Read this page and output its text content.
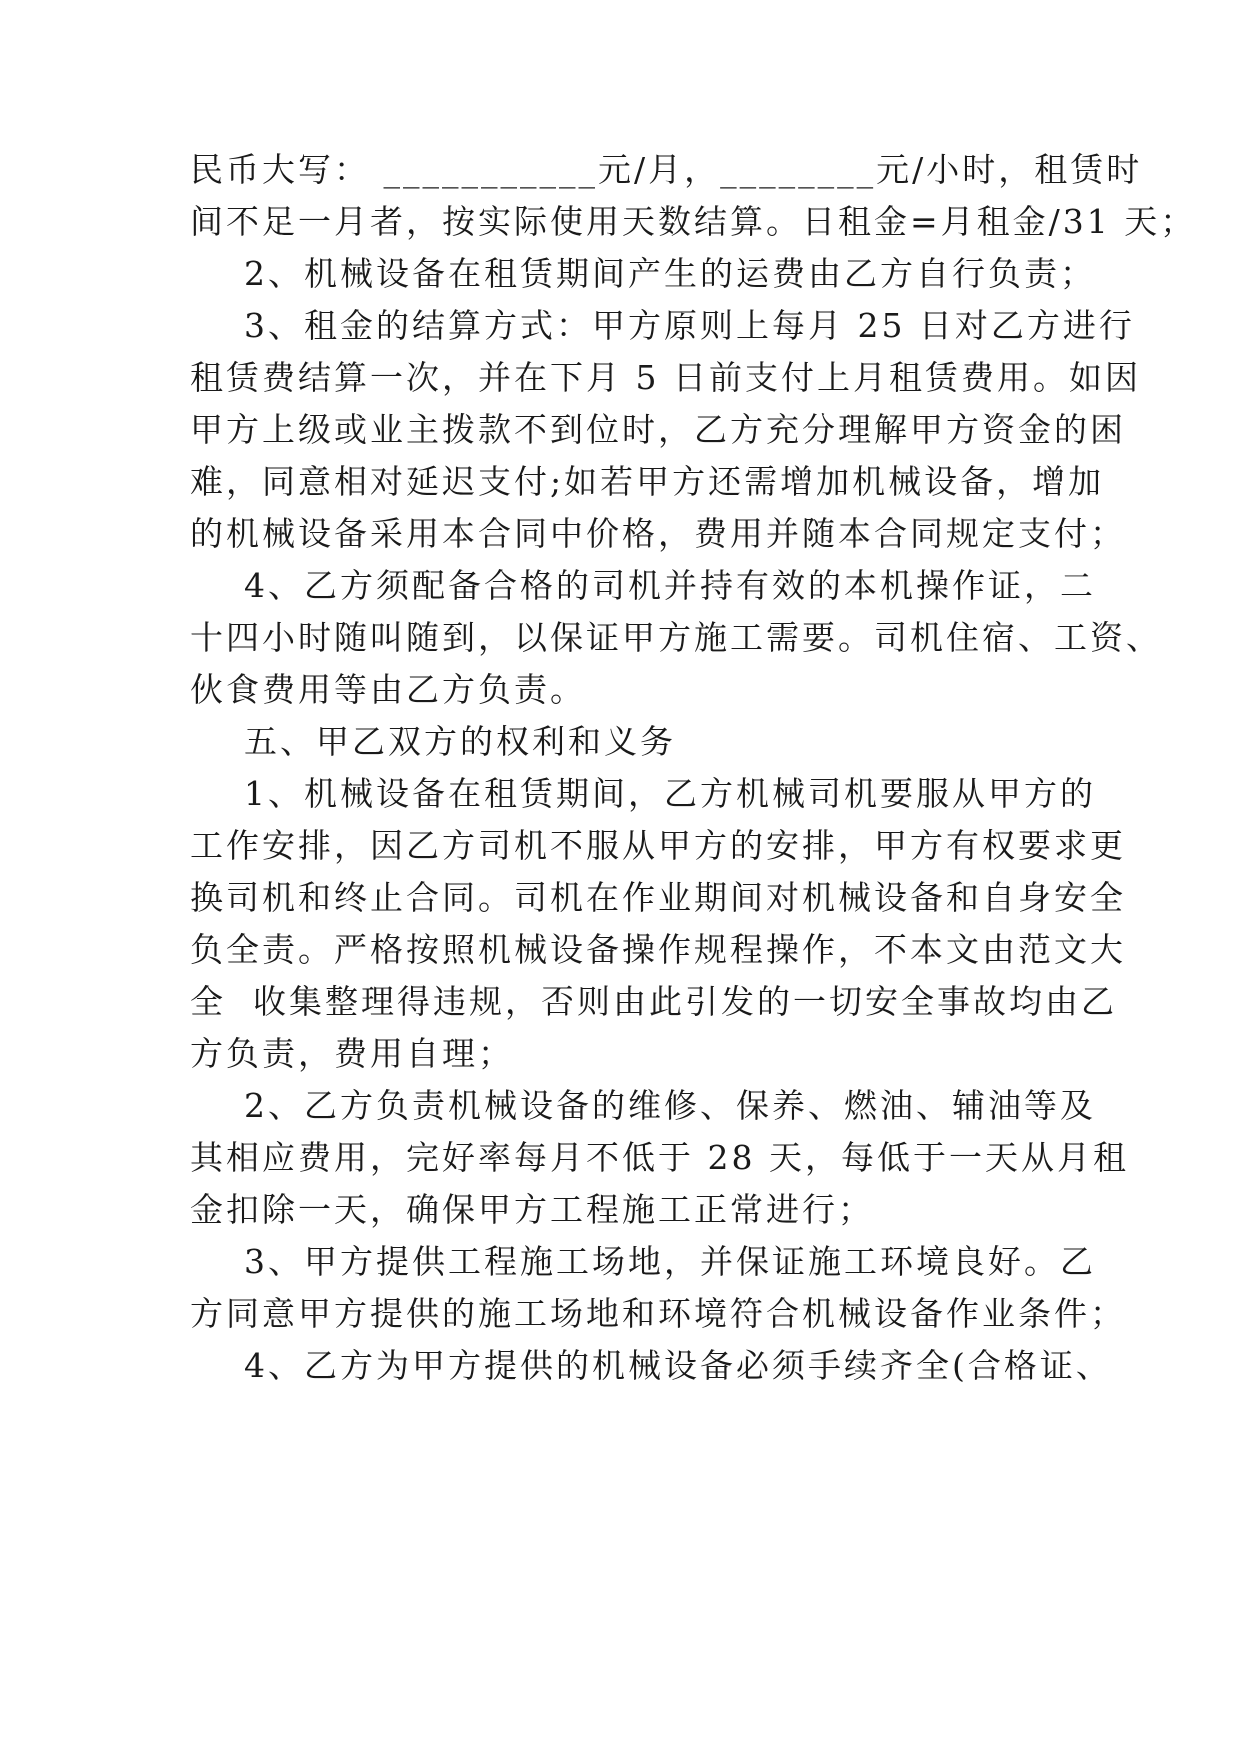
民币大写： ___________元/月，________元/小时，租赁时
间不足一月者，按实际使用天数结算。日租金=月租金/31 天；
2、机械设备在租赁期间产生的运费由乙方自行负责；
3、租金的结算方式：甲方原则上每月 25 日对乙方进行
租赁费结算一次，并在下月 5 日前支付上月租赁费用。如因
甲方上级或业主拨款不到位时，乙方充分理解甲方资金的困
难，同意相对延迟支付;如若甲方还需增加机械设备，增加
的机械设备采用本合同中价格，费用并随本合同规定支付；
4、乙方须配备合格的司机并持有效的本机操作证，二
十四小时随叫随到，以保证甲方施工需要。司机住宿、工资、
伙食费用等由乙方负责。
五、甲乙双方的权利和义务
1、机械设备在租赁期间，乙方机械司机要服从甲方的
工作安排，因乙方司机不服从甲方的安排，甲方有权要求更
换司机和终止合同。司机在作业期间对机械设备和自身安全
负全责。严格按照机械设备操作规程操作，不本文由范文大
全  收集整理得违规，否则由此引发的一切安全事故均由乙
方负责，费用自理；
2、乙方负责机械设备的维修、保养、燃油、辅油等及
其相应费用，完好率每月不低于 28 天，每低于一天从月租
金扣除一天，确保甲方工程施工正常进行；
3、甲方提供工程施工场地，并保证施工环境良好。乙
方同意甲方提供的施工场地和环境符合机械设备作业条件；
4、乙方为甲方提供的机械设备必须手续齐全(合格证、
